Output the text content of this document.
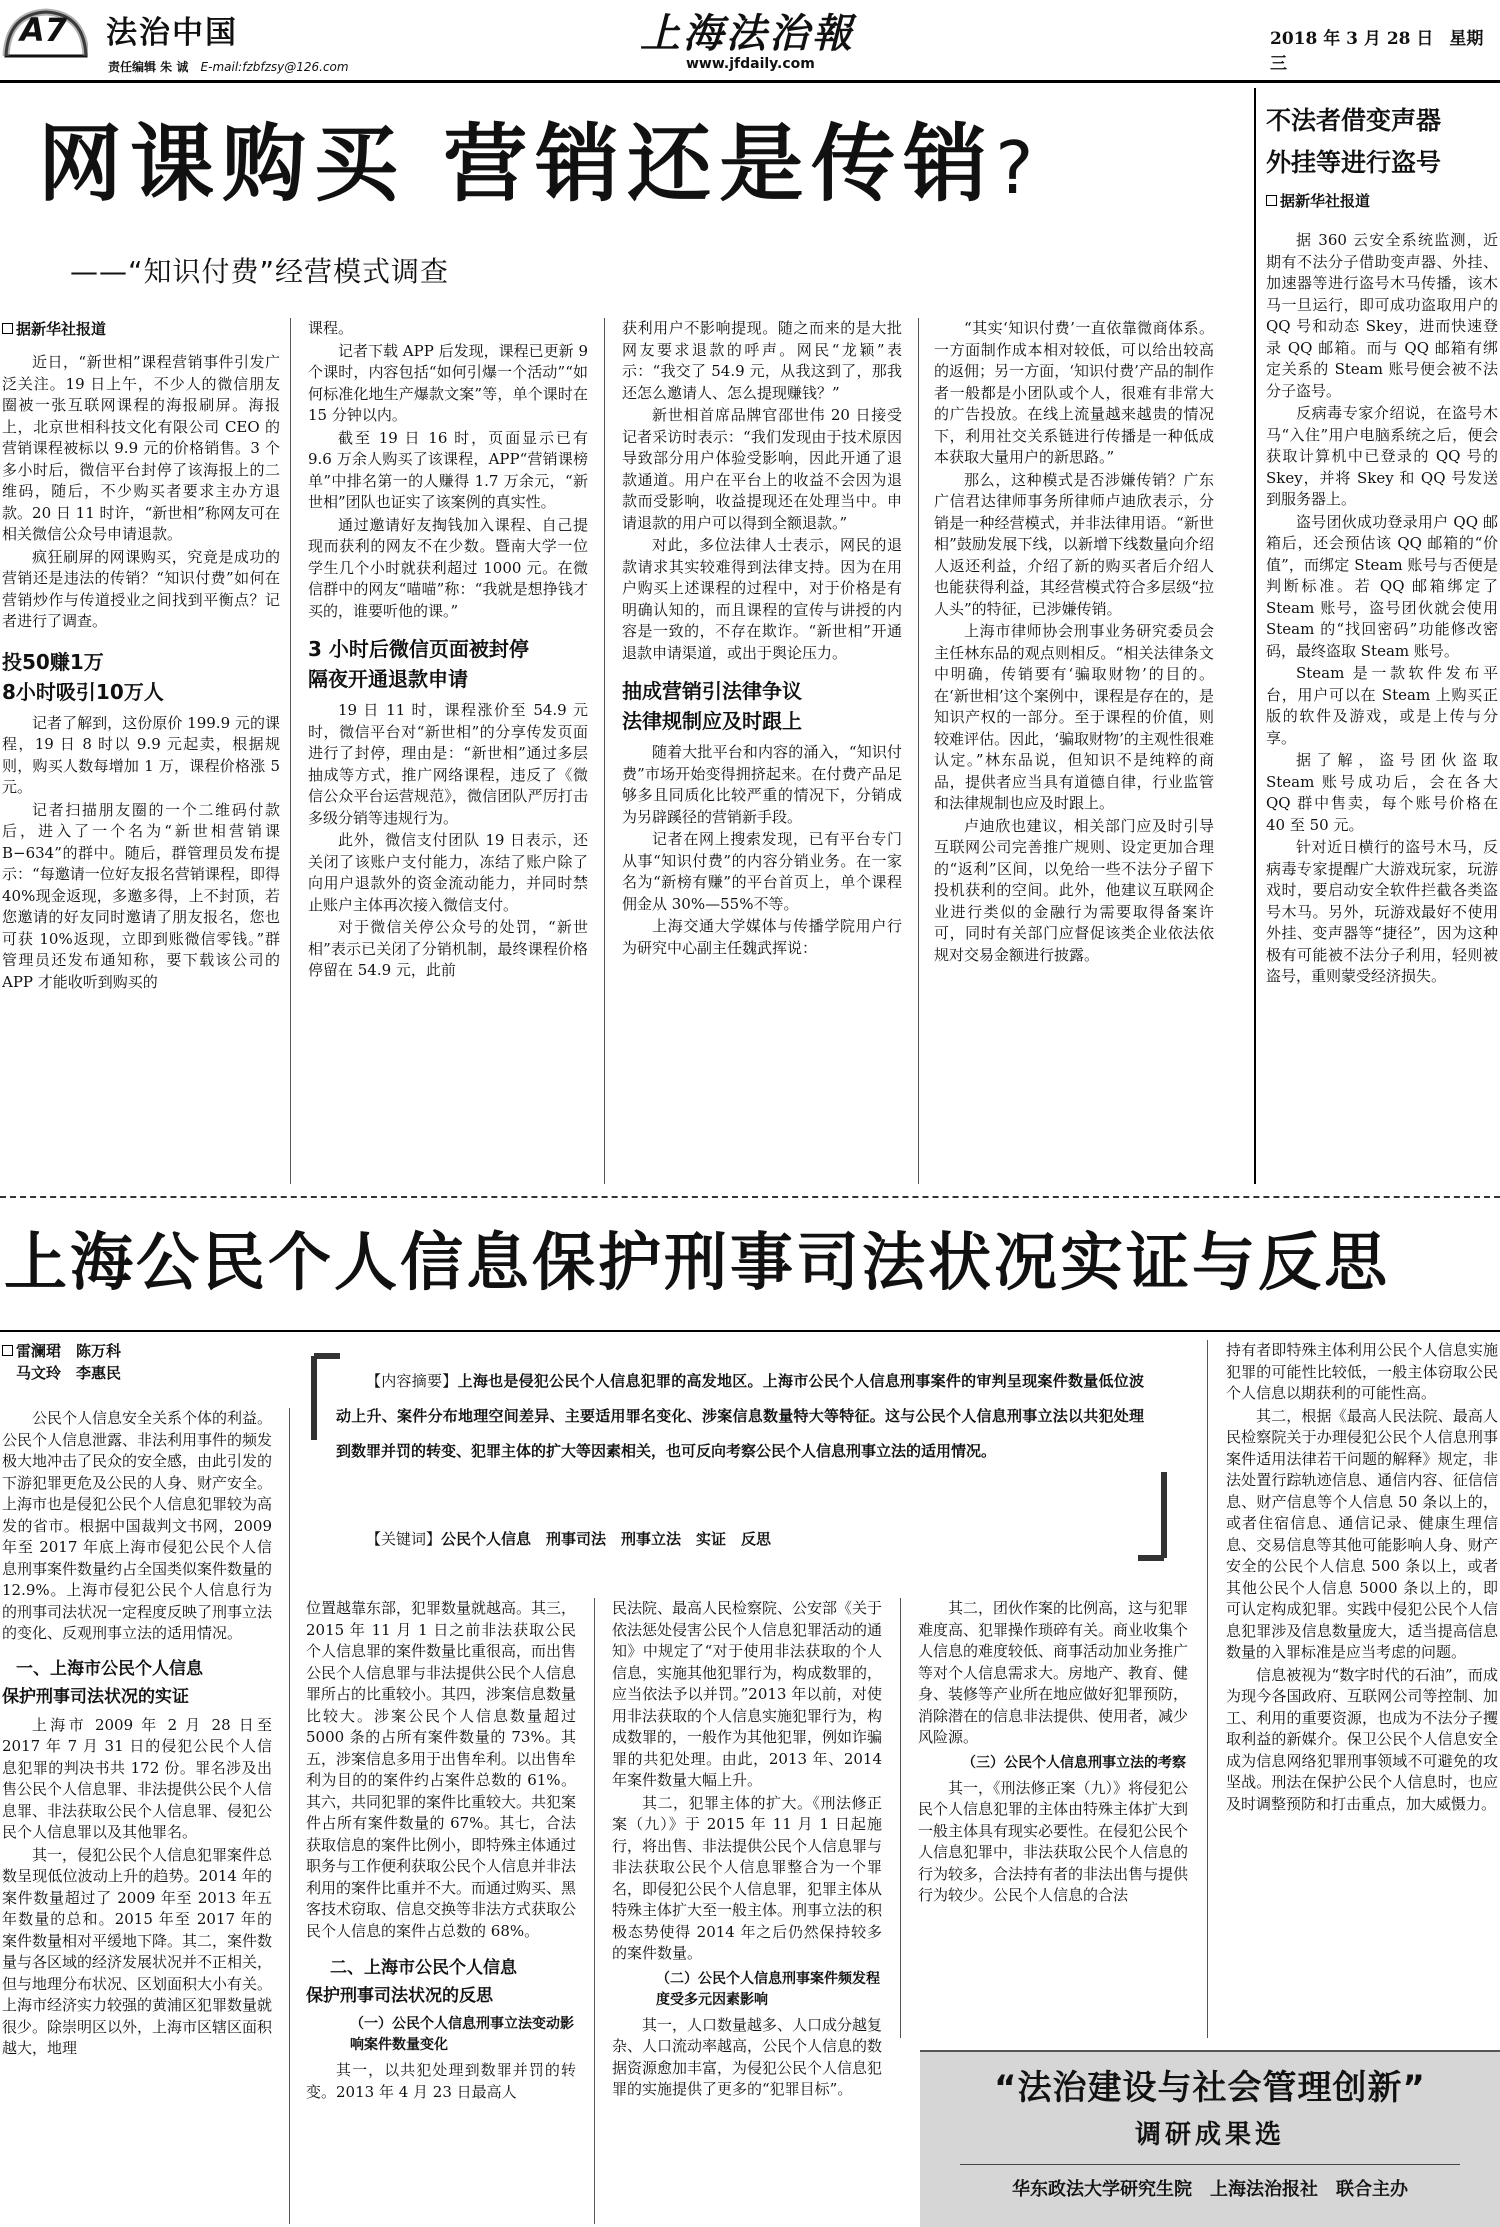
A7 法治中国
责任编辑 朱 诚 E-mail:fzbfzsy@126.com
上海法治報
www.jfdaily.com
2018 年 3 月 28 日 星期三
网课购买 营销还是传销?
——“知识付费”经营模式调查
据新华社报道

近日，“新世相”课程营销事件引发广泛关注。19 日上午，不少人的微信朋友圈被一张互联网课程的海报刷屏。海报上，北京世相科技文化有限公司 CEO 的营销课程被标以 9.9 元的价格销售。3 个多小时后，微信平台封停了该海报上的二维码，随后，不少购买者要求主办方退款。20 日 11 时许，“新世相”称网友可在相关微信公众号申请退款。

疯狂刷屏的网课购买，究竟是成功的营销还是违法的传销？“知识付费”如何在营销炒作与传道授业之间找到平衡点？记者进行了调查。

投50赚1万
8小时吸引10万人

记者了解到，这份原价 199.9 元的课程，19 日 8 时以 9.9 元起卖，根据规则，购买人数每增加 1 万，课程价格涨 5 元。

记者扫描朋友圈的一个二维码付款后，进入了一个名为“新世相营销课 B−634”的群中。随后，群管理员发布提示：“每邀请一位好友报名营销课程，即得 40%现金返现，多邀多得，上不封顶，若您邀请的好友同时邀请了朋友报名，您也可获 10%返现，立即到账微信零钱。”群管理员还发布通知称，要下载该公司的 APP 才能收听到购买的

课程。

记者下载 APP 后发现，课程已更新 9 个课时，内容包括“如何引爆一个活动”“如何标准化地生产爆款文案”等，单个课时在 15 分钟以内。

截至 19 日 16 时，页面显示已有 9.6 万余人购买了该课程，APP“营销课榜单”中排名第一的人赚得 1.7 万余元，“新世相”团队也证实了该案例的真实性。

通过邀请好友掏钱加入课程、自己提现而获利的网友不在少数。暨南大学一位学生几个小时就获利超过 1000 元。在微信群中的网友“喵喵”称：“我就是想挣钱才买的，谁要听他的课。”

3 小时后微信页面被封停
隔夜开通退款申请

19 日 11 时，课程涨价至 54.9 元时，微信平台对“新世相”的分享传发页面进行了封停，理由是：“新世相”通过多层抽成等方式，推广网络课程，违反了《微信公众平台运营规范》，微信团队严厉打击多级分销等违规行为。

此外，微信支付团队 19 日表示，还关闭了该账户支付能力，冻结了账户除了向用户退款外的资金流动能力，并同时禁止账户主体再次接入微信支付。

对于微信关停公众号的处罚，“新世相”表示已关闭了分销机制，最终课程价格停留在 54.9 元，此前

获利用户不影响提现。随之而来的是大批网友要求退款的呼声。网民“龙颖”表示：“我交了 54.9 元，从我这到了，那我还怎么邀请人、怎么提现赚钱？”

新世相首席品牌官邵世伟 20 日接受记者采访时表示：“我们发现由于技术原因导致部分用户体验受影响，因此开通了退款通道。用户在平台上的收益不会因为退款而受影响，收益提现还在处理当中。申请退款的用户可以得到全额退款。”

对此，多位法律人士表示，网民的退款请求其实较难得到法律支持。因为在用户购买上述课程的过程中，对于价格是有明确认知的，而且课程的宣传与讲授的内容是一致的，不存在欺诈。“新世相”开通退款申请渠道，或出于舆论压力。

抽成营销引法律争议
法律规制应及时跟上

随着大批平台和内容的涌入，“知识付费”市场开始变得拥挤起来。在付费产品足够多且同质化比较严重的情况下，分销成为另辟蹊径的营销新手段。

记者在网上搜索发现，已有平台专门从事“知识付费”的内容分销业务。在一家名为“新榜有赚”的平台首页上，单个课程佣金从 30%—55%不等。

上海交通大学媒体与传播学院用户行为研究中心副主任魏武挥说：

“其实‘知识付费’一直依靠微商体系。一方面制作成本相对较低，可以给出较高的返佣；另一方面，‘知识付费’产品的制作者一般都是小团队或个人，很难有非常大的广告投放。在线上流量越来越贵的情况下，利用社交关系链进行传播是一种低成本获取大量用户的新思路。”

那么，这种模式是否涉嫌传销？广东广信君达律师事务所律师卢迪欣表示，分销是一种经营模式，并非法律用语。“新世相”鼓励发展下线，以新增下线数量向介绍人返还利益，介绍了新的购买者后介绍人也能获得利益，其经营模式符合多层级“拉人头”的特征，已涉嫌传销。

上海市律师协会刑事业务研究委员会主任林东品的观点则相反。“相关法律条文中明确，传销要有‘骗取财物’的目的。在‘新世相’这个案例中，课程是存在的，是知识产权的一部分。至于课程的价值，则较难评估。因此，‘骗取财物’的主观性很难认定。”林东品说，但知识不是纯粹的商品，提供者应当具有道德自律，行业监管和法律规制也应及时跟上。

卢迪欣也建议，相关部门应及时引导互联网公司完善推广规则、设定更加合理的“返利”区间，以免给一些不法分子留下投机获利的空间。此外，他建议互联网企业进行类似的金融行为需要取得备案许可，同时有关部门应督促该类企业依法依规对交易金额进行披露。

不法者借变声器
外挂等进行盗号
据新华社报道

据 360 云安全系统监测，近期有不法分子借助变声器、外挂、加速器等进行盗号木马传播，该木马一旦运行，即可成功盗取用户的 QQ 号和动态 Skey，进而快速登录 QQ 邮箱。而与 QQ 邮箱有绑定关系的 Steam 账号便会被不法分子盗号。

反病毒专家介绍说，在盗号木马“入住”用户电脑系统之后，便会获取计算机中已登录的 QQ 号的 Skey，并将 Skey 和 QQ 号发送到服务器上。

盗号团伙成功登录用户 QQ 邮箱后，还会预估该 QQ 邮箱的“价值”，而绑定 Steam 账号与否便是判断标准。若 QQ 邮箱绑定了 Steam 账号，盗号团伙就会使用 Steam 的“找回密码”功能修改密码，最终盗取 Steam 账号。

Steam 是一款软件发布平台，用户可以在 Steam 上购买正版的软件及游戏，或是上传与分享。

据了解，盗号团伙盗取 Steam 账号成功后，会在各大 QQ 群中售卖，每个账号价格在 40 至 50 元。

针对近日横行的盗号木马，反病毒专家提醒广大游戏玩家，玩游戏时，要启动安全软件拦截各类盗号木马。另外，玩游戏最好不使用外挂、变声器等“捷径”，因为这种极有可能被不法分子利用，轻则被盗号，重则蒙受经济损失。

上海公民个人信息保护刑事司法状况实证与反思
雷澜珺　陈万科
马文玲　李惠民	【内容摘要】上海也是侵犯公民个人信息犯罪的高发地区。上海市公民个人信息刑事案件的审判呈现案件数量低位波动上升、案件分布地理空间差异、主要适用罪名变化、涉案信息数量特大等特征。这与公民个人信息刑事立法以共犯处理到数罪并罚的转变、犯罪主体的扩大等因素相关，也可反向考察公民个人信息刑事立法的适用情况。
【关键词】公民个人信息　刑事司法　刑事立法　实证　反思

公民个人信息安全关系个体的利益。公民个人信息泄露、非法利用事件的频发极大地冲击了民众的安全感，由此引发的下游犯罪更危及公民的人身、财产安全。上海市也是侵犯公民个人信息犯罪较为高发的省市。根据中国裁判文书网，2009 年至 2017 年底上海市侵犯公民个人信息刑事案件数量约占全国类似案件数量的 12.9%。上海市侵犯公民个人信息行为的刑事司法状况一定程度反映了刑事立法的变化、反观刑事立法的适用情况。

一、上海市公民个人信息
保护刑事司法状况的实证

上海市 2009 年 2 月 28 日至 2017 年 7 月 31 日的侵犯公民个人信息犯罪的判决书共 172 份。罪名涉及出售公民个人信息罪、非法提供公民个人信息罪、非法获取公民个人信息罪、侵犯公民个人信息罪以及其他罪名。

其一，侵犯公民个人信息犯罪案件总数呈现低位波动上升的趋势。2014 年的案件数量超过了 2009 年至 2013 年五年数量的总和。2015 年至 2017 年的案件数量相对平缓地下降。其二，案件数量与各区域的经济发展状况并不正相关，但与地理分布状况、区划面积大小有关。上海市经济实力较强的黄浦区犯罪数量就很少。除崇明区以外，上海市区辖区面积越大，地理

位置越靠东部，犯罪数量就越高。其三，2015 年 11 月 1 日之前非法获取公民个人信息罪的案件数量比重很高，而出售公民个人信息罪与非法提供公民个人信息罪所占的比重较小。其四，涉案信息数量比较大。涉案公民个人信息数量超过 5000 条的占所有案件数量的 73%。其五，涉案信息多用于出售牟利。以出售牟利为目的的案件约占案件总数的 61%。其六，共同犯罪的案件比重较大。共犯案件占所有案件数量的 67%。其七，合法获取信息的案件比例小，即特殊主体通过职务与工作便利获取公民个人信息并非法利用的案件比重并不大。而通过购买、黑客技术窃取、信息交换等非法方式获取公民个人信息的案件占总数的 68%。

二、上海市公民个人信息
保护刑事司法状况的反思
（一）公民个人信息刑事立法变动影响案件数量变化

其一，以共犯处理到数罪并罚的转变。2013 年 4 月 23 日最高人

民法院、最高人民检察院、公安部《关于依法惩处侵害公民个人信息犯罪活动的通知》中规定了“对于使用非法获取的个人信息，实施其他犯罪行为，构成数罪的，应当依法予以并罚。”2013 年以前，对使用非法获取的个人信息实施犯罪行为，构成数罪的，一般作为其他犯罪，例如诈骗罪的共犯处理。由此，2013 年、2014 年案件数量大幅上升。

其二，犯罪主体的扩大。《刑法修正案（九）》于 2015 年 11 月 1 日起施行，将出售、非法提供公民个人信息罪与非法获取公民个人信息罪整合为一个罪名，即侵犯公民个人信息罪，犯罪主体从特殊主体扩大至一般主体。刑事立法的积极态势使得 2014 年之后仍然保持较多的案件数量。

（二）公民个人信息刑事案件频发程度受多元因素影响

其一，人口数量越多、人口成分越复杂、人口流动率越高，公民个人信息的数据资源愈加丰富，为侵犯公民个人信息犯罪的实施提供了更多的“犯罪目标”。

其二，团伙作案的比例高，这与犯罪难度高、犯罪操作琐碎有关。商业收集个人信息的难度较低、商事活动加业务推广等对个人信息需求大。房地产、教育、健身、装修等产业所在地应做好犯罪预防，消除潜在的信息非法提供、使用者，减少风险源。

（三）公民个人信息刑事立法的考察

其一，《刑法修正案（九）》将侵犯公民个人信息犯罪的主体由特殊主体扩大到一般主体具有现实必要性。在侵犯公民个人信息犯罪中，非法获取公民个人信息的行为较多，合法持有者的非法出售与提供行为较少。公民个人信息的合法

持有者即特殊主体利用公民个人信息实施犯罪的可能性比较低，一般主体窃取公民个人信息以期获利的可能性高。

其二，根据《最高人民法院、最高人民检察院关于办理侵犯公民个人信息刑事案件适用法律若干问题的解释》规定，非法处置行踪轨迹信息、通信内容、征信信息、财产信息等个人信息 50 条以上的，或者住宿信息、通信记录、健康生理信息、交易信息等其他可能影响人身、财产安全的公民个人信息 500 条以上，或者其他公民个人信息 5000 条以上的，即可认定构成犯罪。实践中侵犯公民个人信息犯罪涉及信息数量庞大，适当提高信息数量的入罪标准是应当考虑的问题。

信息被视为“数字时代的石油”，而成为现今各国政府、互联网公司等控制、加工、利用的重要资源，也成为不法分子攫取利益的新媒介。保卫公民个人信息安全成为信息网络犯罪刑事领域不可避免的攻坚战。刑法在保护公民个人信息时，也应及时调整预防和打击重点，加大威慑力。

“法治建设与社会管理创新”
调研成果选
华东政法大学研究生院　上海法治报社　联合主办
